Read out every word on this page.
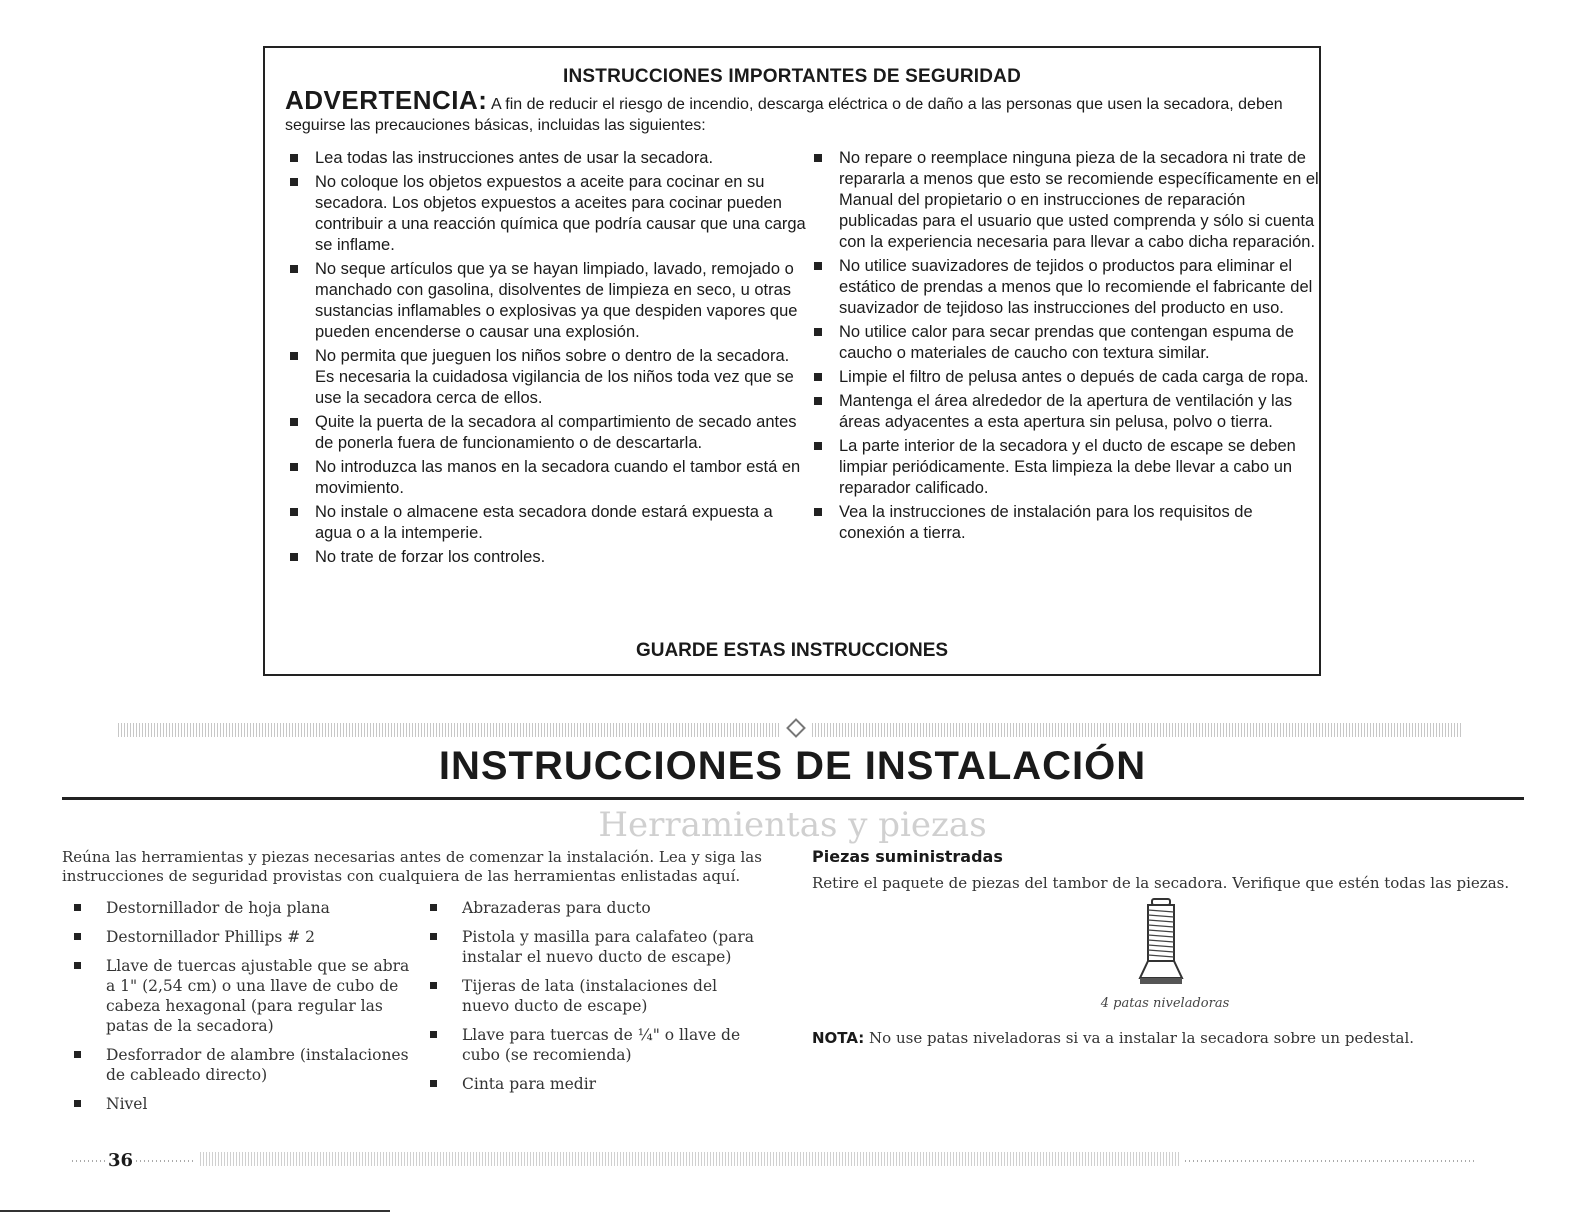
INSTRUCCIONES IMPORTANTES DE SEGURIDAD
ADVERTENCIA: A fin de reducir el riesgo de incendio, descarga eléctrica o de daño a las personas que usen la secadora, deben seguirse las precauciones básicas, incluidas las siguientes:
Lea todas las instrucciones antes de usar la secadora.
No coloque los objetos expuestos a aceite para cocinar en su secadora. Los objetos expuestos a aceites para cocinar pueden contribuir a una reacción química que podría causar que una carga se inflame.
No seque artículos que ya se hayan limpiado, lavado, remojado o manchado con gasolina, disolventes de limpieza en seco, u otras sustancias inflamables o explosivas ya que despiden vapores que pueden encenderse o causar una explosión.
No permita que jueguen los niños sobre o dentro de la secadora. Es necesaria la cuidadosa vigilancia de los niños toda vez que se use la secadora cerca de ellos.
Quite la puerta de la secadora al compartimiento de secado antes de ponerla fuera de funcionamiento o de descartarla.
No introduzca las manos en la secadora cuando el tambor está en movimiento.
No instale o almacene esta secadora donde estará expuesta a agua o a la intemperie.
No trate de forzar los controles.
No repare o reemplace ninguna pieza de la secadora ni trate de repararla a menos que esto se recomiende específicamente en el Manual del propietario o en instrucciones de reparación publicadas para el usuario que usted comprenda y sólo si cuenta con la experiencia necesaria para llevar a cabo dicha reparación.
No utilice suavizadores de tejidos o productos para eliminar el estático de prendas a menos que lo recomiende el fabricante del suavizador de tejidoso las instrucciones del producto en uso.
No utilice calor para secar prendas que contengan espuma de caucho o materiales de caucho con textura similar.
Limpie el filtro de pelusa antes o depués de cada carga de ropa.
Mantenga el área alrededor de la apertura de ventilación y las áreas adyacentes a esta apertura sin pelusa, polvo o tierra.
La parte interior de la secadora y el ducto de escape se deben limpiar periódicamente. Esta limpieza la debe llevar a cabo un reparador calificado.
Vea la instrucciones de instalación para los requisitos de conexión a tierra.
GUARDE ESTAS INSTRUCCIONES
INSTRUCCIONES DE INSTALACIÓN
Herramientas y piezas
Reúna las herramientas y piezas necesarias antes de comenzar la instalación. Lea y siga las instrucciones de seguridad provistas con cualquiera de las herramientas enlistadas aquí.
Destornillador de hoja plana
Destornillador Phillips # 2
Llave de tuercas ajustable que se abra a 1" (2,54 cm) o una llave de cubo de cabeza hexagonal (para regular las patas de la secadora)
Desforrador de alambre (instalaciones de cableado directo)
Nivel
Abrazaderas para ducto
Pistola y masilla para calafateo (para instalar el nuevo ducto de escape)
Tijeras de lata (instalaciones del nuevo ducto de escape)
Llave para tuercas de ¼" o llave de cubo (se recomienda)
Cinta para medir
Piezas suministradas
Retire el paquete de piezas del tambor de la secadora. Verifique que estén todas las piezas.
4 patas niveladoras
NOTA: No use patas niveladoras si va a instalar la secadora sobre un pedestal.
36
